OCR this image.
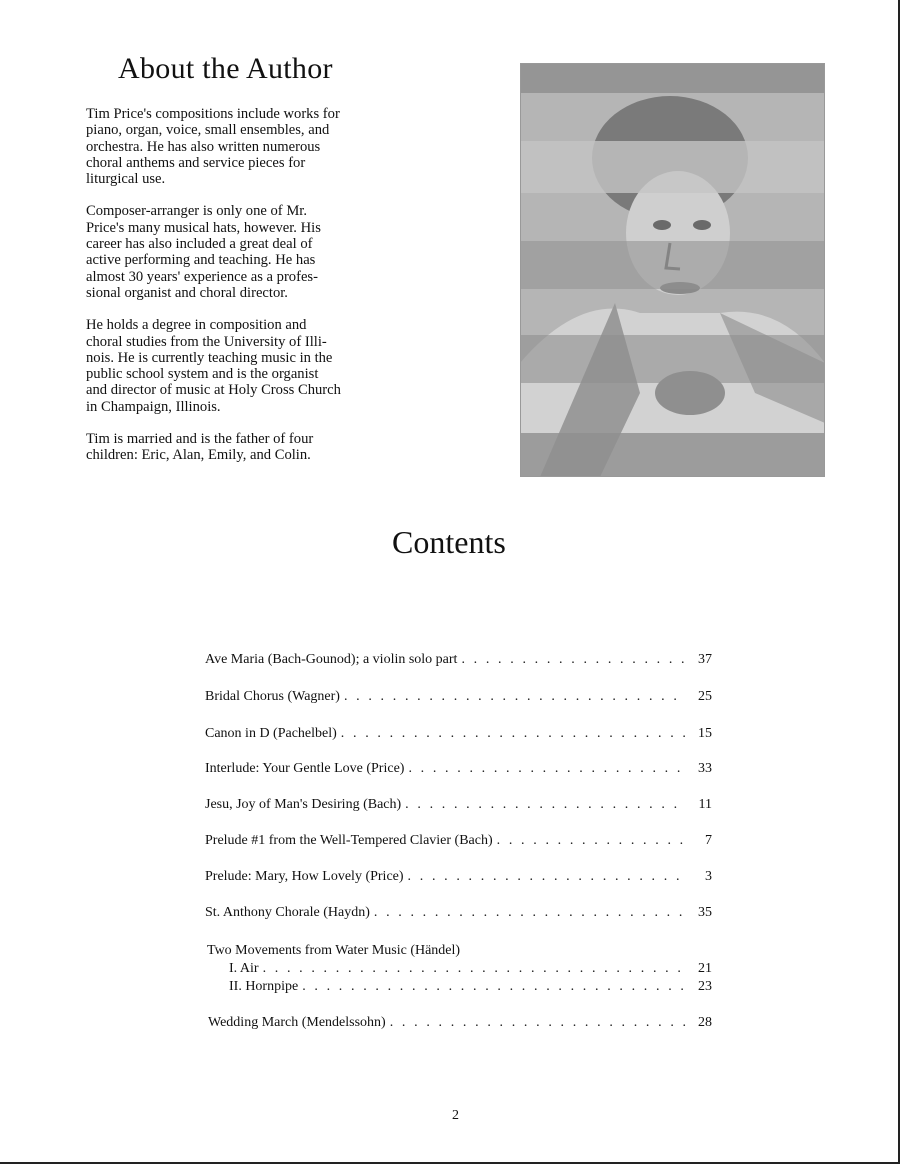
About the Author

Tim Price's compositions include works for
piano, organ, voice, small ensembles, and
orchestra. He has also written numerous
choral anthems and service pieces for
liturgical use.

Composer-arranger is only one of Mr.
Price's many musical hats, however. His
career has also included a great deal of
active performing and teaching. He has
almost 30 years' experience as a profes-
sional organist and choral director.

He holds a degree in composition and
choral studies from the University of Illi-
nois. He is currently teaching music in the
public school system and is the organist
and director of music at Holy Cross Church
in Champaign, Illinois.

Tim is married and is the father of four
children: Eric, Alan, Emily, and Colin.

Contents
Ave Maria (Bach-Gounod); a violin solo part . . .	37
Bridal Chorus (Wagner) . . .	25
Canon in D (Pachelbel) . . .	15
Interlude: Your Gentle Love (Price) . . .	33
Jesu, Joy of Man's Desiring (Bach) . . .	11
Prelude #1 from the Well-Tempered Clavier (Bach) . . .	7
Prelude: Mary, How Lovely (Price) . . .	3
St. Anthony Chorale (Haydn) . . .	35
Two Movements from Water Music (Händel)
I. Air . . .	21
II. Hornpipe . . .	23
Wedding March (Mendelssohn) . . .	28
2
